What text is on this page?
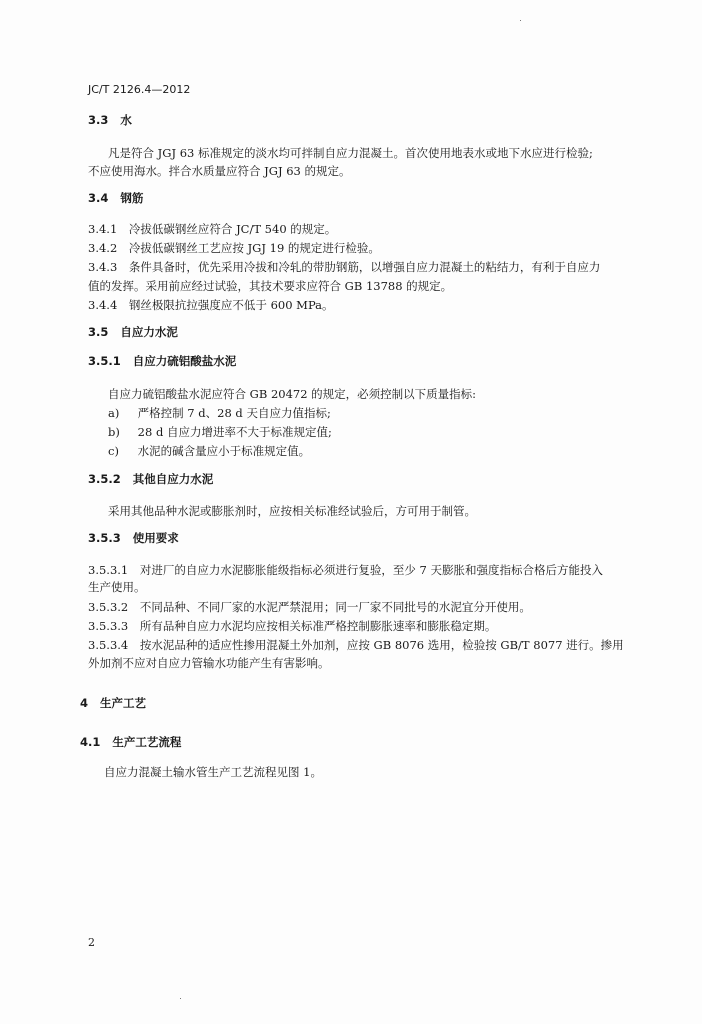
JC/T 2126.4—2012
3.3 水
凡是符合 JGJ 63 标准规定的淡水均可拌制自应力混凝土。首次使用地表水或地下水应进行检验;
不应使用海水。拌合水质量应符合 JGJ 63 的规定。
3.4 钢筋
3.4.1 冷拔低碳钢丝应符合 JC/T 540 的规定。
3.4.2 冷拔低碳钢丝工艺应按 JGJ 19 的规定进行检验。
3.4.3 条件具备时，优先采用冷拔和冷轧的带肋钢筋，以增强自应力混凝土的粘结力，有利于自应力
值的发挥。采用前应经过试验，其技术要求应符合 GB 13788 的规定。
3.4.4 钢丝极限抗拉强度应不低于 600 MPa。
3.5 自应力水泥
3.5.1 自应力硫铝酸盐水泥
自应力硫铝酸盐水泥应符合 GB 20472 的规定，必须控制以下质量指标:
a) 严格控制 7 d、28 d 天自应力值指标;
b) 28 d 自应力增进率不大于标准规定值;
c) 水泥的碱含量应小于标准规定值。
3.5.2 其他自应力水泥
采用其他品种水泥或膨胀剂时，应按相关标准经试验后，方可用于制管。
3.5.3 使用要求
3.5.3.1 对进厂的自应力水泥膨胀能级指标必须进行复验，至少 7 天膨胀和强度指标合格后方能投入
生产使用。
3.5.3.2 不同品种、不同厂家的水泥严禁混用；同一厂家不同批号的水泥宜分开使用。
3.5.3.3 所有品种自应力水泥均应按相关标准严格控制膨胀速率和膨胀稳定期。
3.5.3.4 按水泥品种的适应性掺用混凝土外加剂，应按 GB 8076 选用，检验按 GB/T 8077 进行。掺用
外加剂不应对自应力管输水功能产生有害影响。
4 生产工艺
4.1 生产工艺流程
自应力混凝土输水管生产工艺流程见图 1。
2
